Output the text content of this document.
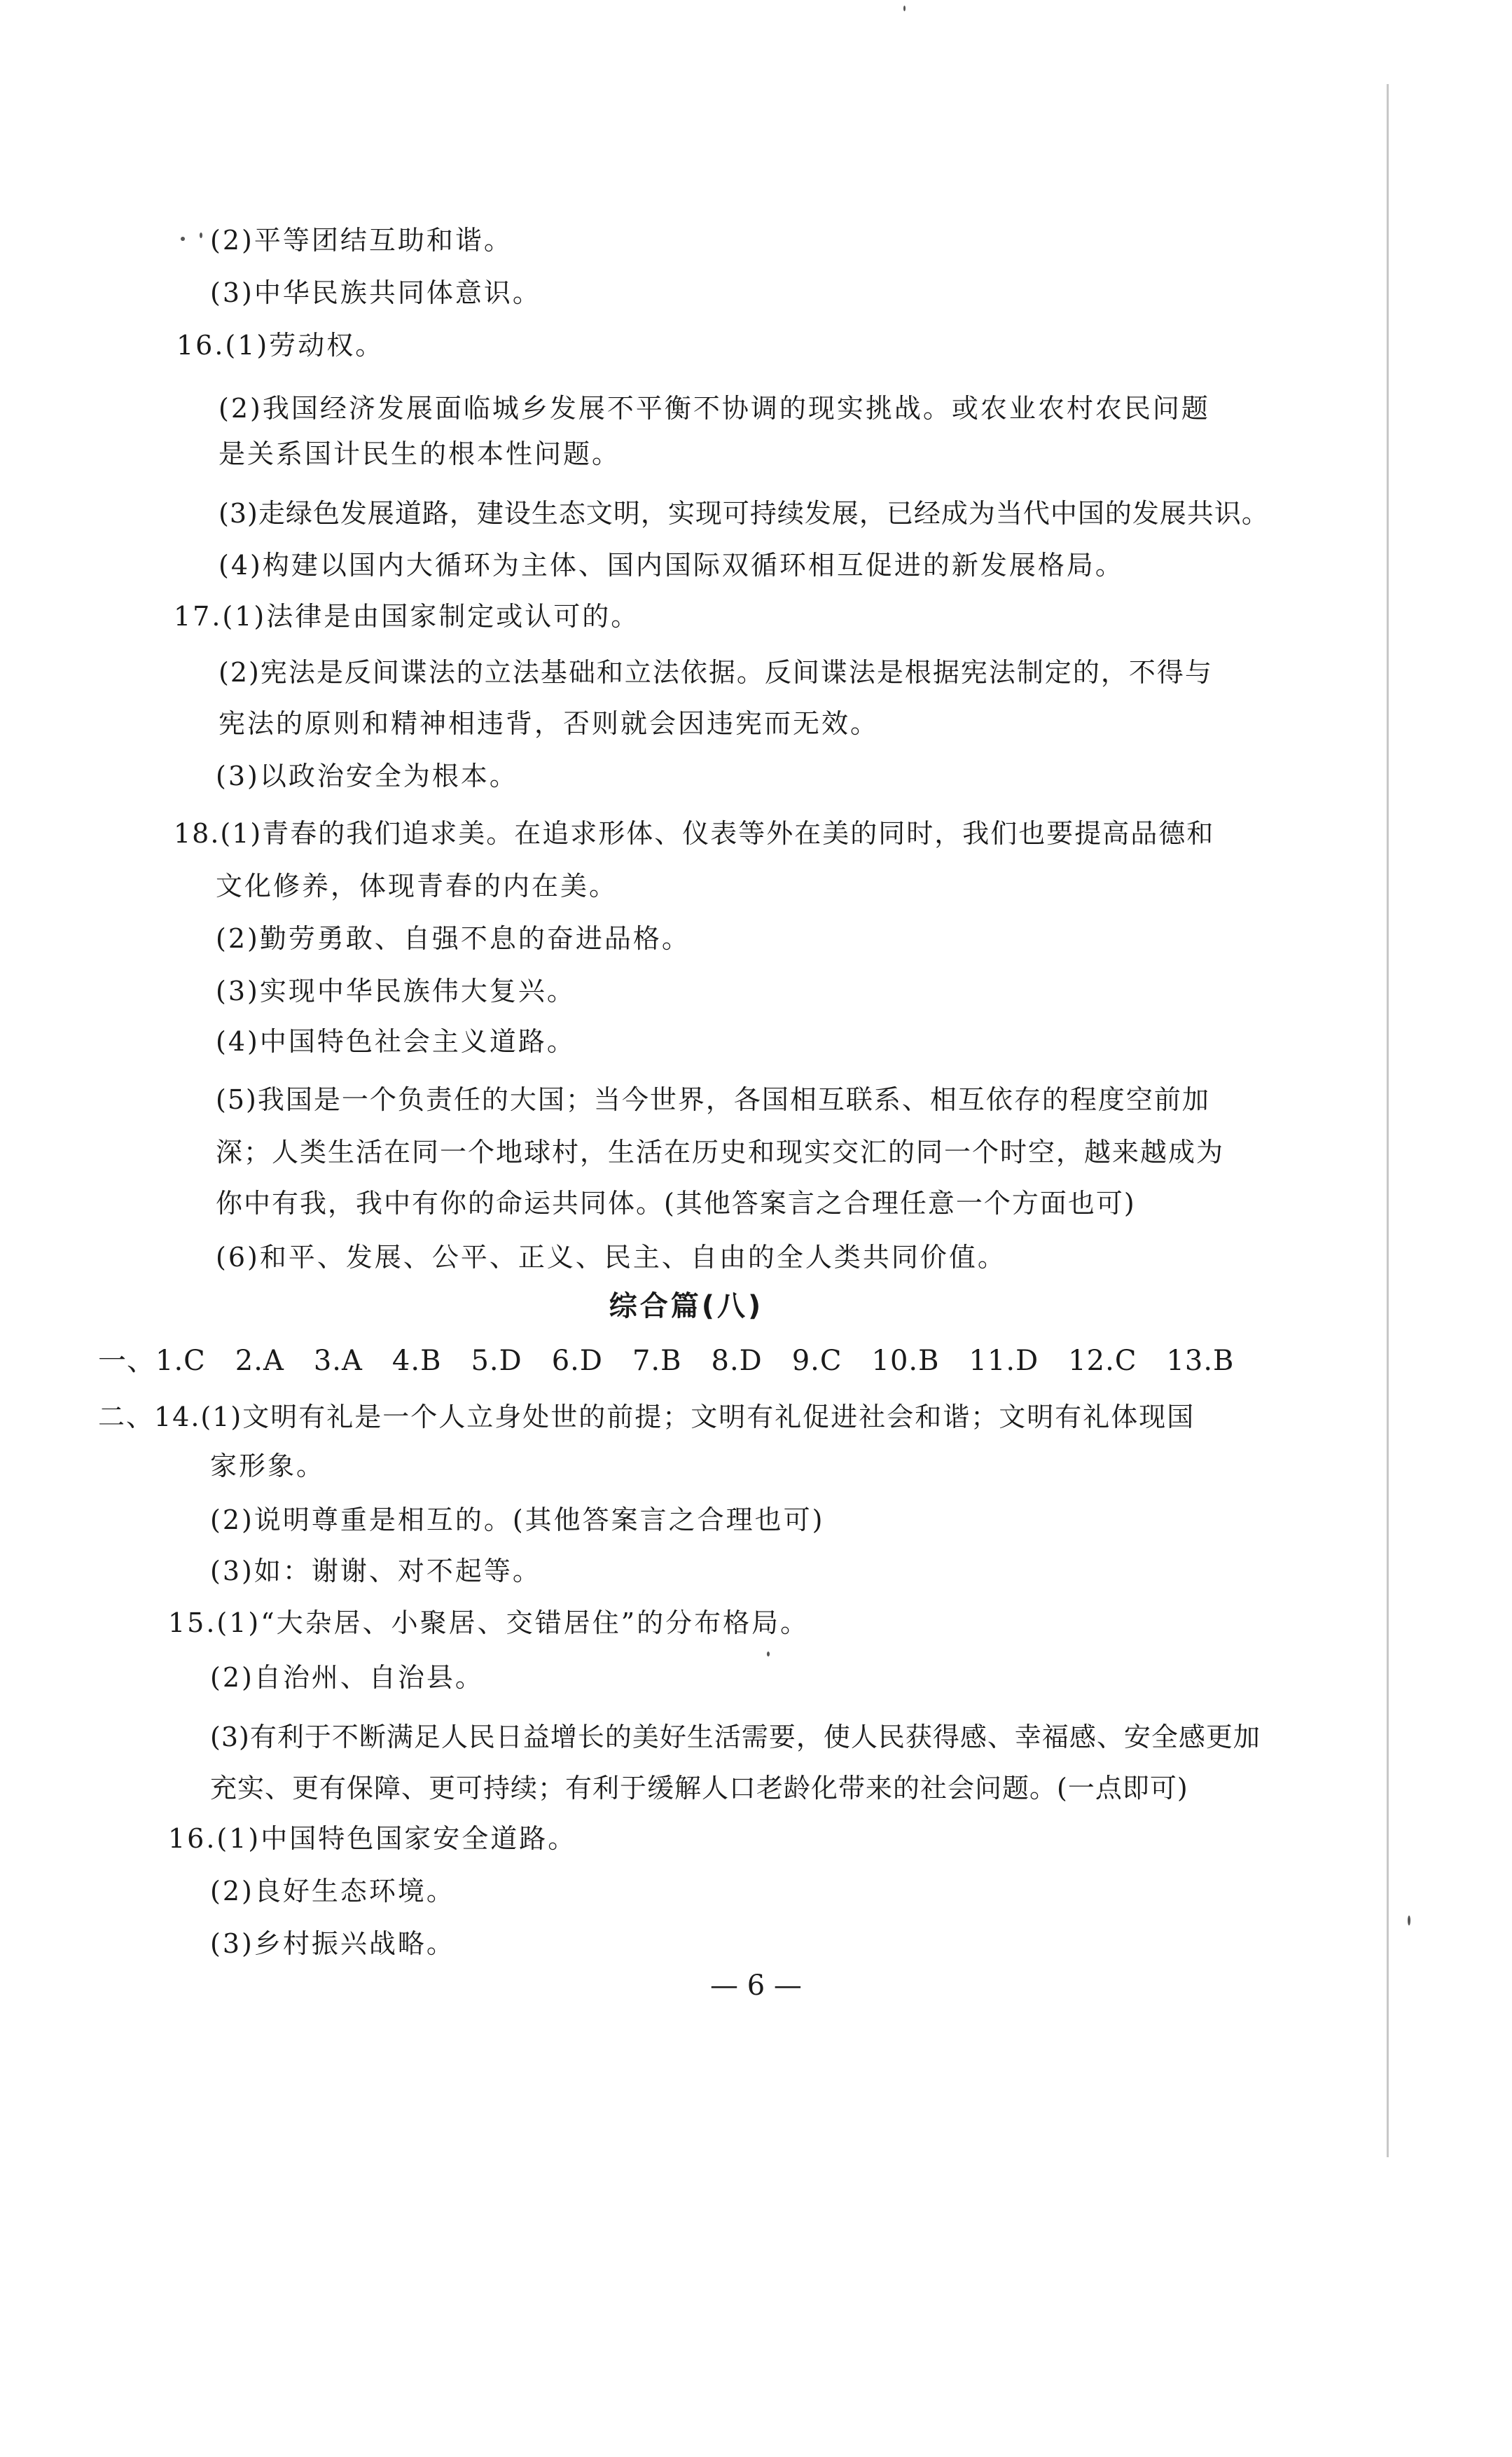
(2)平等团结互助和谐。
(3)中华民族共同体意识。
16.(1)劳动权。
(2)我国经济发展面临城乡发展不平衡不协调的现实挑战。或农业农村农民问题
是关系国计民生的根本性问题。
(3)走绿色发展道路，建设生态文明，实现可持续发展，已经成为当代中国的发展共识。
(4)构建以国内大循环为主体、国内国际双循环相互促进的新发展格局。
17.(1)法律是由国家制定或认可的。
(2)宪法是反间谍法的立法基础和立法依据。反间谍法是根据宪法制定的，不得与
宪法的原则和精神相违背，否则就会因违宪而无效。
(3)以政治安全为根本。
18.(1)青春的我们追求美。在追求形体、仪表等外在美的同时，我们也要提高品德和
文化修养，体现青春的内在美。
(2)勤劳勇敢、自强不息的奋进品格。
(3)实现中华民族伟大复兴。
(4)中国特色社会主义道路。
(5)我国是一个负责任的大国；当今世界，各国相互联系、相互依存的程度空前加
深；人类生活在同一个地球村，生活在历史和现实交汇的同一个时空，越来越成为
你中有我，我中有你的命运共同体。(其他答案言之合理任意一个方面也可)
(6)和平、发展、公平、正义、民主、自由的全人类共同价值。
综合篇(八)
一、1.C 2.A 3.A 4.B 5.D 6.D 7.B 8.D 9.C 10.B 11.D 12.C 13.B
二、14.(1)文明有礼是一个人立身处世的前提；文明有礼促进社会和谐；文明有礼体现国
家形象。
(2)说明尊重是相互的。(其他答案言之合理也可)
(3)如：谢谢、对不起等。
15.(1)“大杂居、小聚居、交错居住”的分布格局。
(2)自治州、自治县。
(3)有利于不断满足人民日益增长的美好生活需要，使人民获得感、幸福感、安全感更加
充实、更有保障、更可持续；有利于缓解人口老龄化带来的社会问题。(一点即可)
16.(1)中国特色国家安全道路。
(2)良好生态环境。
(3)乡村振兴战略。
— 6 —
